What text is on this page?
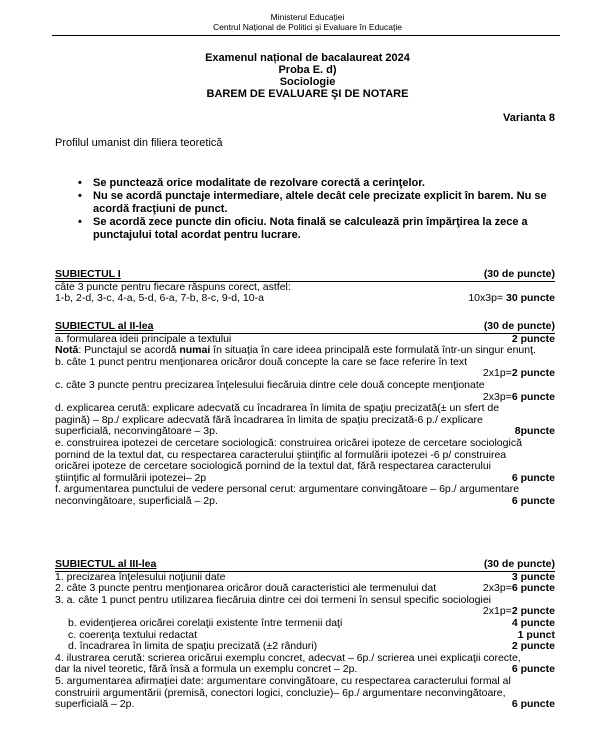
Ministerul Educației
Centrul Național de Politici și Evaluare în Educație
Examenul național de bacalaureat 2024
Proba E. d)
Sociologie
BAREM DE EVALUARE ŞI DE NOTARE
Varianta 8
Profilul umanist din filiera teoretică
• Se punctează orice modalitate de rezolvare corectă a cerinţelor.
• Nu se acordă punctaje intermediare, altele decât cele precizate explicit în barem. Nu se acordă fracţiuni de punct.
• Se acordă zece puncte din oficiu. Nota finală se calculează prin împărţirea la zece a punctajului total acordat pentru lucrare.
SUBIECTUL I	(30 de puncte)
câte 3 puncte pentru fiecare răspuns corect, astfel:
1-b, 2-d, 3-c, 4-a, 5-d, 6-a, 7-b, 8-c, 9-d, 10-a	10x3p= 30 puncte
SUBIECTUL al II-lea	(30 de puncte)
a. formularea ideii principale a textului	2 puncte
Notă: Punctajul se acordă numai în situaţia în care ideea principală este formulată într-un singur enunţ.
b. câte 1 punct pentru menţionarea oricăror două concepte la care se face referire în text
2x1p=2 puncte
c. câte 3 puncte pentru precizarea înţelesului fiecăruia dintre cele două concepte menţionate
2x3p=6 puncte
d. explicarea cerută: explicare adecvată cu încadrarea în limita de spaţiu precizată(± un sfert de
pagină) – 8p./ explicare adecvată fără încadrarea în limita de spaţiu precizată-6 p./ explicare
superficială, neconvingătoare – 3p.	8puncte
e. construirea ipotezei de cercetare sociologică: construirea oricărei ipoteze de cercetare sociologică
pornind de la textul dat, cu respectarea caracterului ştiinţific al formulării ipotezei -6 p/ construirea
oricărei ipoteze de cercetare sociologică pornind de la textul dat, fără respectarea caracterului
ştiinţific al formulării ipotezei– 2p	6 puncte
f. argumentarea punctului de vedere personal cerut: argumentare convingătoare – 6p./ argumentare
neconvingătoare, superficială – 2p.	6 puncte
SUBIECTUL al III-lea	(30 de puncte)
1. precizarea înţelesului noţiunii date	3 puncte
2. câte 3 puncte pentru menţionarea oricăror două caracteristici ale termenului dat	2x3p=6 puncte
3. a. câte 1 punct pentru utilizarea fiecăruia dintre cei doi termeni în sensul specific sociologiei
2x1p=2 puncte
b. evidenţierea oricărei corelaţii existente între termenii daţi	4 puncte
c. coerenţa textului redactat	1 punct
d. încadrarea în limita de spaţiu precizată (±2 rânduri)	2 puncte
4. ilustrarea cerută: scrierea oricărui exemplu concret, adecvat – 6p./ scrierea unei explicaţii corecte,
dar la nivel teoretic, fără însă a formula un exemplu concret – 2p.	6 puncte
5. argumentarea afirmaţiei date: argumentare convingătoare, cu respectarea caracterului formal al
construirii argumentării (premisă, conectori logici, concluzie)– 6p./ argumentare neconvingătoare,
superficială – 2p.	6 puncte
